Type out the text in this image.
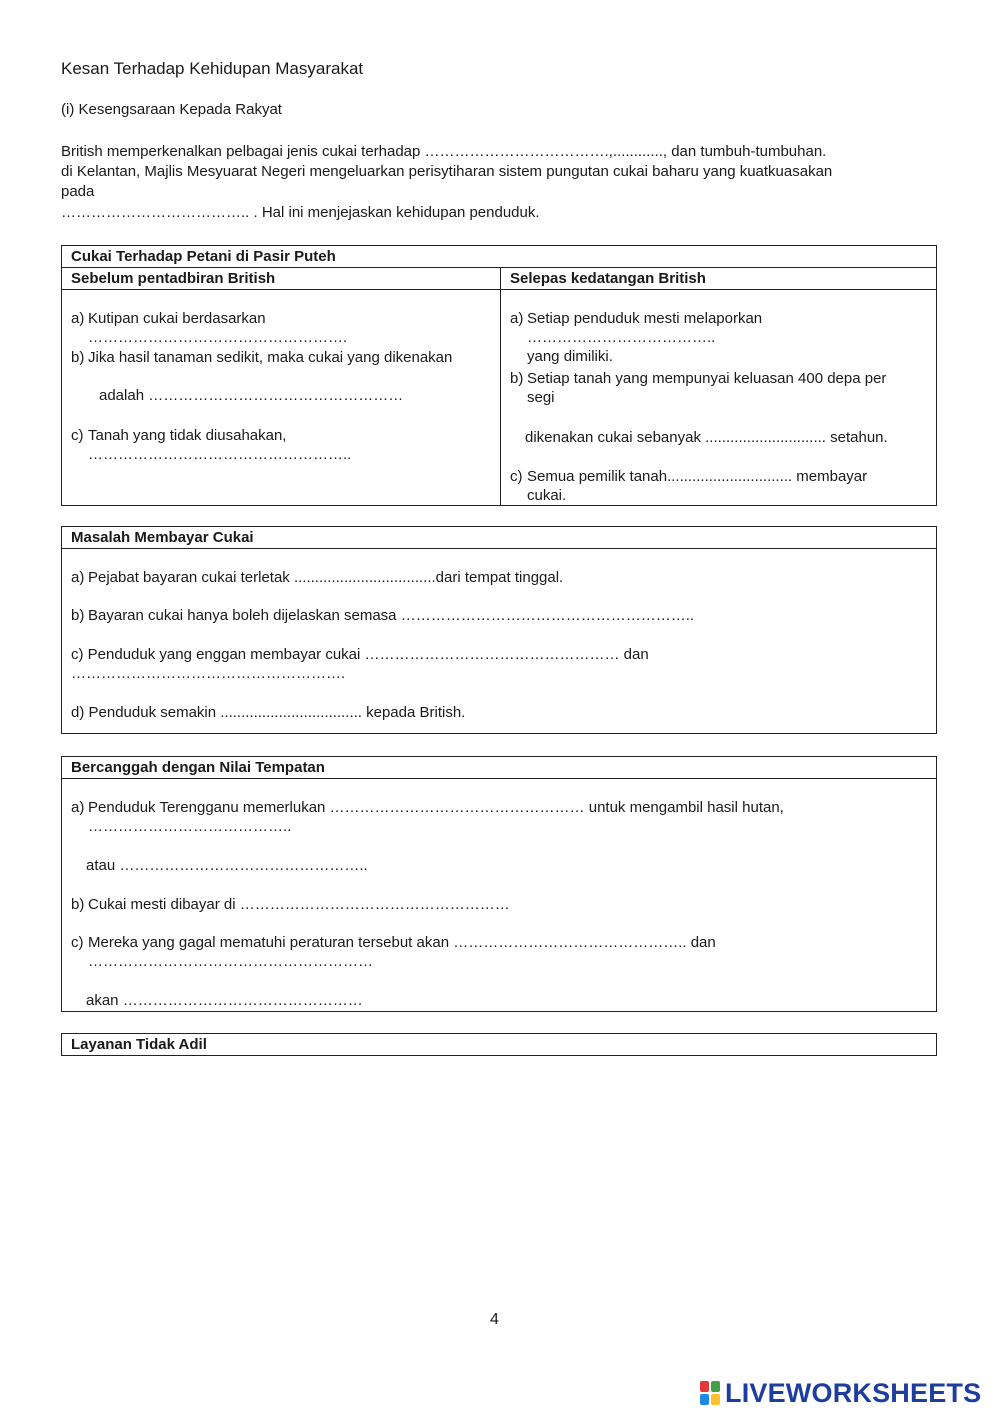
Kesan Terhadap Kehidupan Masyarakat
(i) Kesengsaraan Kepada Rakyat

British memperkenalkan pelbagai jenis cukai terhadap ……………………………….,............, dan tumbuh-tumbuhan.

di Kelantan, Majlis Mesyuarat Negeri mengeluarkan perisytiharan sistem pungutan cukai baharu yang kuatkuasakan

pada

……………………………….. . Hal ini menjejaskan kehidupan penduduk.

Cukai Terhadap Petani di Pasir Puteh
Sebelum pentadbiran British	Selepas kedatangan British
a) Kutipan cukai berdasarkan
…………………………………………….
b) Jika hasil tanaman sedikit, maka cukai yang dikenakan
adalah ……………………………………………
c) Tanah yang tidak diusahakan,
……………………………………………..
a) Setiap penduduk mesti melaporkan
………………………………..
yang dimiliki.
b) Setiap tanah yang mempunyai keluasan 400 depa per
segi
dikenakan cukai sebanyak ............................. setahun.
c) Semua pemilik tanah.............................. membayar
cukai.
Masalah Membayar Cukai
a) Pejabat bayaran cukai terletak ..................................dari tempat tinggal.
b) Bayaran cukai hanya boleh dijelaskan semasa …………………………………………………..
c) Penduduk yang enggan membayar cukai …………………………………………… dan
……………………………………………….
d) Penduduk semakin .................................. kepada British.
Bercanggah dengan Nilai Tempatan
a) Penduduk Terengganu memerlukan …………………………………………… untuk mengambil hasil hutan,
…………………………………..
atau …………………………………………..
b) Cukai mesti dibayar di ………………………………………………
c) Mereka yang gagal mematuhi peraturan tersebut akan ……………………………………….. dan
…………………………………………………
akan …………………………………………
Layanan Tidak Adil
4
LIVEWORKSHEETS
